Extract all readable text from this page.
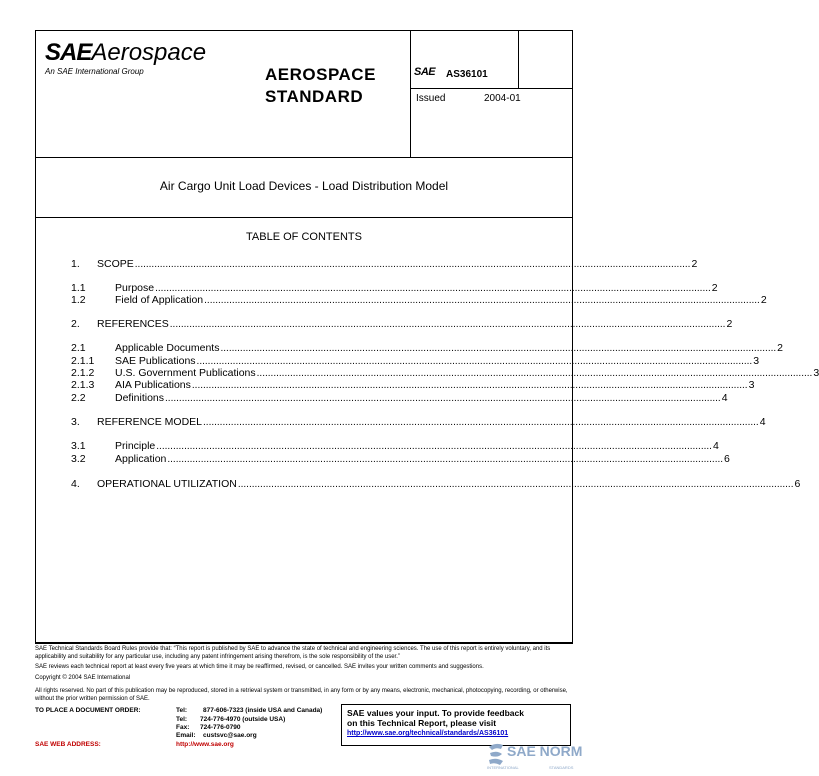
SAEAerospace
An SAE International Group	AEROSPACE
STANDARD
SAE AS36101
Issued	2004-01
Air Cargo Unit Load Devices - Load Distribution Model
TABLE OF CONTENTS
1.	SCOPE ........................................................................................................................................................................................................ 2
1.1	Purpose ........................................................................................................................................................................................................ 2
1.2	Field of Application ........................................................................................................................................................................................................ 2
2.	REFERENCES ........................................................................................................................................................................................................ 2
2.1	Applicable Documents ........................................................................................................................................................................................................ 2
2.1.1 SAE Publications ........................................................................................................................................................................................................ 3
2.1.2 U.S. Government Publications ........................................................................................................................................................................................................ 3
2.1.3 AIA Publications ........................................................................................................................................................................................................ 3
2.2	Definitions ........................................................................................................................................................................................................ 4
3.	REFERENCE MODEL ........................................................................................................................................................................................................ 4
3.1	Principle ........................................................................................................................................................................................................ 4
3.2	Application ........................................................................................................................................................................................................ 6
4.	OPERATIONAL UTILIZATION ........................................................................................................................................................................................................ 6
SAE Technical Standards Board Rules provide that: “This report is published by SAE to advance the state of technical and engineering sciences. The use of this report is entirely voluntary, and its applicability and suitability for any particular use, including any patent infringement arising therefrom, is the sole responsibility of the user.”
SAE reviews each technical report at least every five years at which time it may be reaffirmed, revised, or cancelled. SAE invites your written comments and suggestions.
Copyright © 2004 SAE International
All rights reserved. No part of this publication may be reproduced, stored in a retrieval system or transmitted, in any form or by any means, electronic, mechanical, photocopying, recording, or otherwise, without the prior written permission of SAE.
TO PLACE A DOCUMENT ORDER:	Tel: 877-606-7323 (inside USA and Canada)
Tel: 724-776-4970 (outside USA)
Fax: 724-776-0790
Email: custsvc@sae.org
SAE WEB ADDRESS:	http://www.sae.org
SAE values your input. To provide feedback
on this Technical Report, please visit
http://www.sae.org/technical/standards/AS36101
SAE NORM
INTERNATIONAL	STANDARDS
